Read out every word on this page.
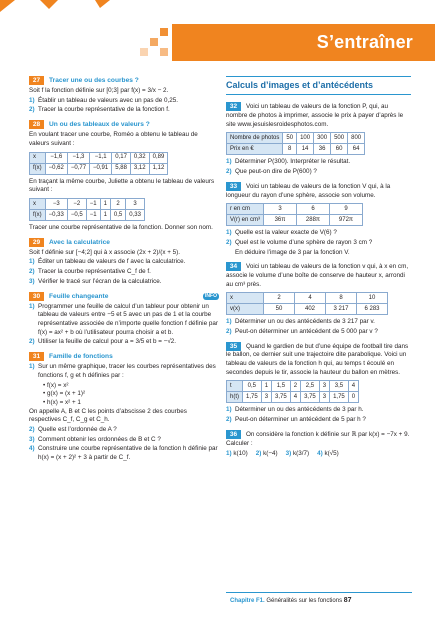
S’entraîner
27	Tracer une ou des courbes ?

Soit f la fonction définie sur [0;3] par f(x) = 3/x − 2.

1) Établir un tableau de valeurs avec un pas de 0,25.
2) Tracer la courbe représentative de la fonction f.
28	Un ou des tableaux de valeurs ?

En voulant tracer une courbe, Roméo a obtenu le tableau de valeurs suivant :

x	−1,6	−1,3	−1,1	0,17	0,32	0,89
f(x)	−0,62	−0,77	−0,91	5,88	3,12	1,12

En traçant la même courbe, Juliette a obtenu le tableau de valeurs suivant :

x	−3	−2	−1	1	2	3
f(x)	−0,33	−0,5	−1	1	0,5	0,33

Tracer une courbe représentative de la fonction. Donner son nom.

29	Avec la calculatrice

Soit f définie sur [−4;2] qui à x associe (2x + 2)/(x + 5).

1) Éditer un tableau de valeurs de f avec la calculatrice.
2) Tracer la courbe représentative C_f de f.
3) Vérifier le tracé sur l’écran de la calculatrice.
30	Feuille changeante	INFO
1) Programmer une feuille de calcul d’un tableur pour obtenir un tableau de valeurs entre −5 et 5 avec un pas de 1 et la courbe représentative associée de n’importe quelle fonction f définie par f(x) = ax² + b où l’utilisateur pourra choisir a et b.
2) Utiliser la feuille de calcul pour a = 3/5 et b = −√2.
31	Famille de fonctions
1) Sur un même graphique, tracer les courbes représentatives des fonctions f, g et h définies par :
• f(x) = x²
• g(x) = (x + 1)²
• h(x) = x² + 1

On appelle A, B et C les points d’abscisse 2 des courbes respectives C_f, C_g et C_h.

2) Quelle est l’ordonnée de A ?
3) Comment obtenir les ordonnées de B et C ?
4) Construire une courbe représentative de la fonction h définie par h(x) = (x + 2)² + 3 à partir de C_f.
Calculs d’images et d’antécédents

32 Voici un tableau de valeurs de la fonction P, qui, au nombre de photos à imprimer, associe le prix à payer d’après le site www.jesuislesroidesphotos.com.

Nombre de photos	50	100	300	500	800
Prix en €	8	14	36	60	64
1) Déterminer P(300). Interpréter le résultat.
2) Que peut-on dire de P(600) ?

33 Voici un tableau de valeurs de la fonction V qui, à la longueur du rayon d’une sphère, associe son volume.

r en cm	3	6	9
V(r) en cm³	36π	288π	972π
1) Quelle est la valeur exacte de V(6) ?
2) Quel est le volume d’une sphère de rayon 3 cm ?
En déduire l’image de 3 par la fonction V.

34 Voici un tableau de valeurs de la fonction v qui, à x en cm, associe le volume d’une boîte de conserve de hauteur x, arrondi au cm³ près.

x	2	4	8	10
v(x)	50	402	3 217	6 283
1) Déterminer un ou des antécédents de 3 217 par v.
2) Peut-on déterminer un antécédent de 5 000 par v ?

35 Quand le gardien de but d’une équipe de football tire dans le ballon, ce dernier suit une trajectoire dite parabolique. Voici un tableau de valeurs de la fonction h qui, au temps t écoulé en secondes depuis le tir, associe la hauteur du ballon en mètres.

t	0,5	1	1,5	2	2,5	3	3,5	4
h(t)	1,75	3	3,75	4	3,75	3	1,75	0
1) Déterminer un ou des antécédents de 3 par h.
2) Peut-on déterminer un antécédent de 5 par h ?

36 On considère la fonction k définie sur ℝ par k(x) = −7x + 9. Calculer :

1) k(10) 2) k(−4) 3) k(3/7) 4) k(√5)
Chapitre F1. Généralités sur les fonctions 87
